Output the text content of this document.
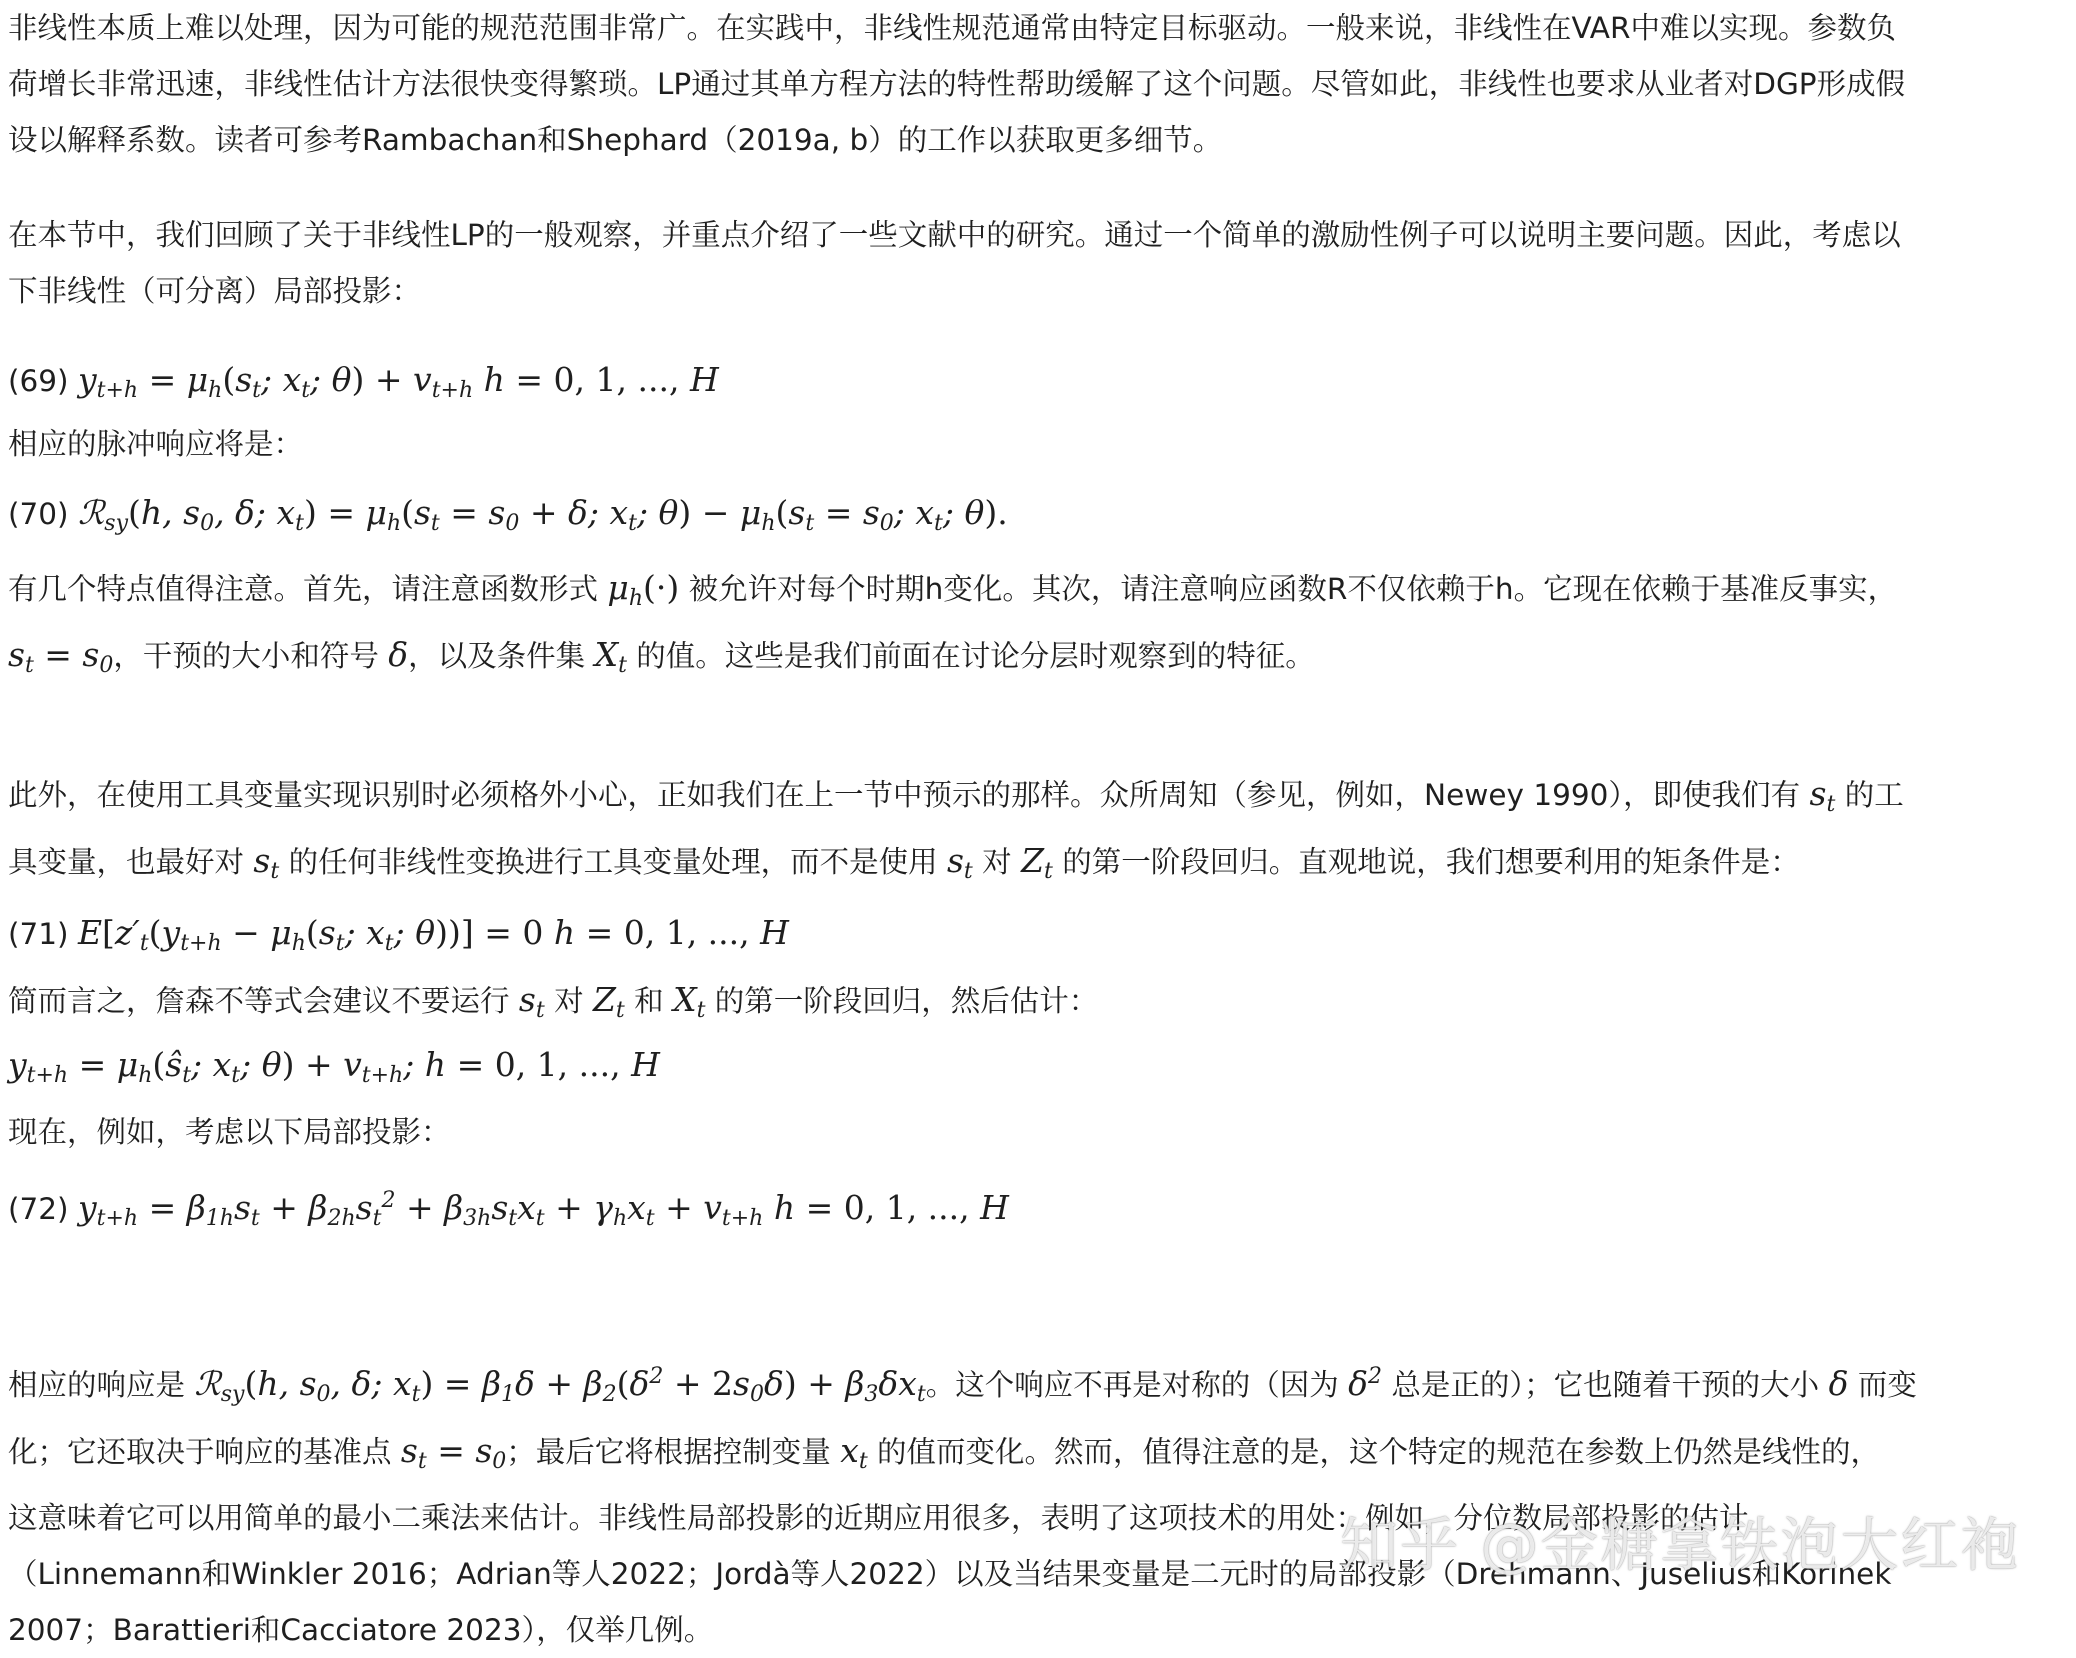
非线性本质上难以处理，因为可能的规范范围非常广。在实践中，非线性规范通常由特定目标驱动。一般来说，非线性在VAR中难以实现。参数负
荷增长非常迅速，非线性估计方法很快变得繁琐。LP通过其单方程方法的特性帮助缓解了这个问题。尽管如此，非线性也要求从业者对DGP形成假
设以解释系数。读者可参考Rambachan和Shephard（2019a, b）的工作以获取更多细节。

在本节中，我们回顾了关于非线性LP的一般观察，并重点介绍了一些文献中的研究。通过一个简单的激励性例子可以说明主要问题。因此，考虑以
下非线性（可分离）局部投影：

(69) $y_{t+h} = \mu_h(s_t$; $x_t$; $\theta) + v_{t+h}$ h = 0, 1, ..., H

相应的脉冲响应将是：

(70) ℛ$_{sy}$(h, $s_0$, δ; $x_t) = \mu_h(s_t = s_0 + \delta$; $x_t$; $\theta) - \mu_h(s_t = s_0$; $x_t$; θ).

有几个特点值得注意。首先，请注意函数形式 $\mu_h(\cdot)$ 被允许对每个时期h变化。其次，请注意响应函数R不仅依赖于h。它现在依赖于基准反事实，
$s_t = s_0$，干预的大小和符号 δ，以及条件集 $X_t$ 的值。这些是我们前面在讨论分层时观察到的特征。

此外，在使用工具变量实现识别时必须格外小心，正如我们在上一节中预示的那样。众所周知（参见，例如，Newey 1990），即使我们有 $s_t$ 的工
具变量，也最好对 $s_t$ 的任何非线性变换进行工具变量处理，而不是使用 $s_t$ 对 $Z_t$ 的第一阶段回归。直观地说，我们想要利用的矩条件是：

(71) $E[z'_t(y_{t+h} - \mu_h(s_t$; $x_t$; θ))] = 0 h = 0, 1, ..., H

简而言之，詹森不等式会建议不要运行 $s_t$ 对 $Z_t$ 和 $X_t$ 的第一阶段回归，然后估计：

$y_{t+h}$ = $\mu_h(ŝ_t$; $x_t$; $\theta) + v_{t+h}$; h = 0, 1, ..., H

现在，例如，考虑以下局部投影：

(72) $y_{t+h} = \beta_{1h}s_t + \beta_{2h}s_t^2 + \beta_{3h}s_tx_t + \gamma_hx_t + v_{t+h}$ h = 0, 1, ..., H

相应的响应是 ℛ$_{sy}$(h, $s_0$, δ; $x_t) = \beta_1\delta + \beta_2(\delta^2 + 2s_0\delta) + \beta_3\delta x_t$。这个响应不再是对称的（因为 $\delta^2$ 总是正的）；它也随着干预的大小 δ 而变
化；它还取决于响应的基准点 $s_t = s_0$；最后它将根据控制变量 $x_t$ 的值而变化。然而，值得注意的是，这个特定的规范在参数上仍然是线性的，
这意味着它可以用简单的最小二乘法来估计。非线性局部投影的近期应用很多，表明了这项技术的用处：例如，分位数局部投影的估计
（Linnemann和Winkler 2016；Adrian等人2022；Jordà等人2022）以及当结果变量是二元时的局部投影（Drehmann、Juselius和Korinek
2007；Barattieri和Cacciatore 2023），仅举几例。

知乎 @金糖拿铁泡大红袍
